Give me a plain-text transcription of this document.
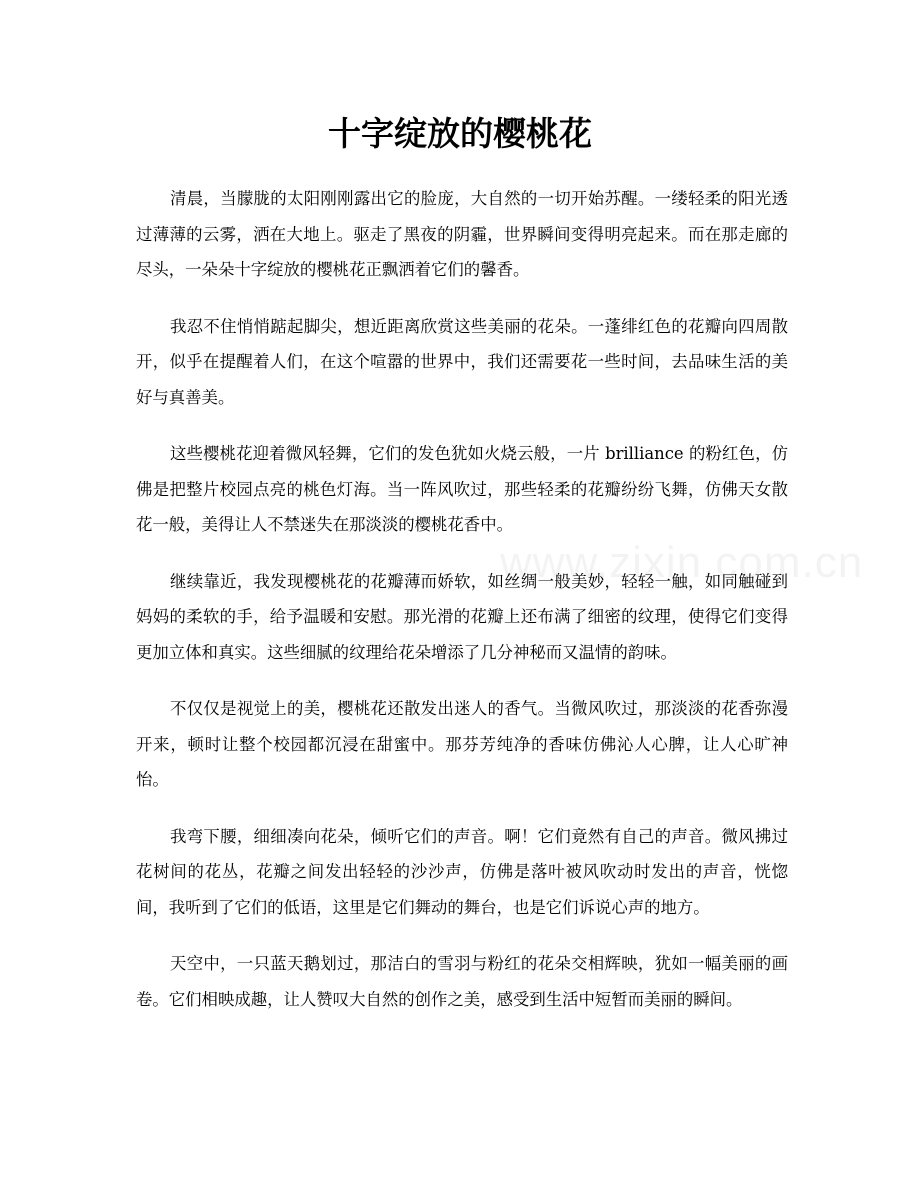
十字绽放的樱桃花

清晨，当朦胧的太阳刚刚露出它的脸庞，大自然的一切开始苏醒。一缕轻柔的阳光透过薄薄的云雾，洒在大地上。驱走了黑夜的阴霾，世界瞬间变得明亮起来。而在那走廊的尽头，一朵朵十字绽放的樱桃花正飘洒着它们的馨香。

我忍不住悄悄踮起脚尖，想近距离欣赏这些美丽的花朵。一蓬绯红色的花瓣向四周散开，似乎在提醒着人们，在这个喧嚣的世界中，我们还需要花一些时间，去品味生活的美好与真善美。

这些樱桃花迎着微风轻舞，它们的发色犹如火烧云般，一片 brilliance 的粉红色，仿佛是把整片校园点亮的桃色灯海。当一阵风吹过，那些轻柔的花瓣纷纷飞舞，仿佛天女散花一般，美得让人不禁迷失在那淡淡的樱桃花香中。

继续靠近，我发现樱桃花的花瓣薄而娇软，如丝绸一般美妙，轻轻一触，如同触碰到妈妈的柔软的手，给予温暖和安慰。那光滑的花瓣上还布满了细密的纹理，使得它们变得更加立体和真实。这些细腻的纹理给花朵增添了几分神秘而又温情的韵味。

不仅仅是视觉上的美，樱桃花还散发出迷人的香气。当微风吹过，那淡淡的花香弥漫开来，顿时让整个校园都沉浸在甜蜜中。那芬芳纯净的香味仿佛沁人心脾，让人心旷神怡。

我弯下腰，细细凑向花朵，倾听它们的声音。啊！它们竟然有自己的声音。微风拂过花树间的花丛，花瓣之间发出轻轻的沙沙声，仿佛是落叶被风吹动时发出的声音，恍惚间，我听到了它们的低语，这里是它们舞动的舞台，也是它们诉说心声的地方。

天空中，一只蓝天鹅划过，那洁白的雪羽与粉红的花朵交相辉映，犹如一幅美丽的画卷。它们相映成趣，让人赞叹大自然的创作之美，感受到生活中短暂而美丽的瞬间。
